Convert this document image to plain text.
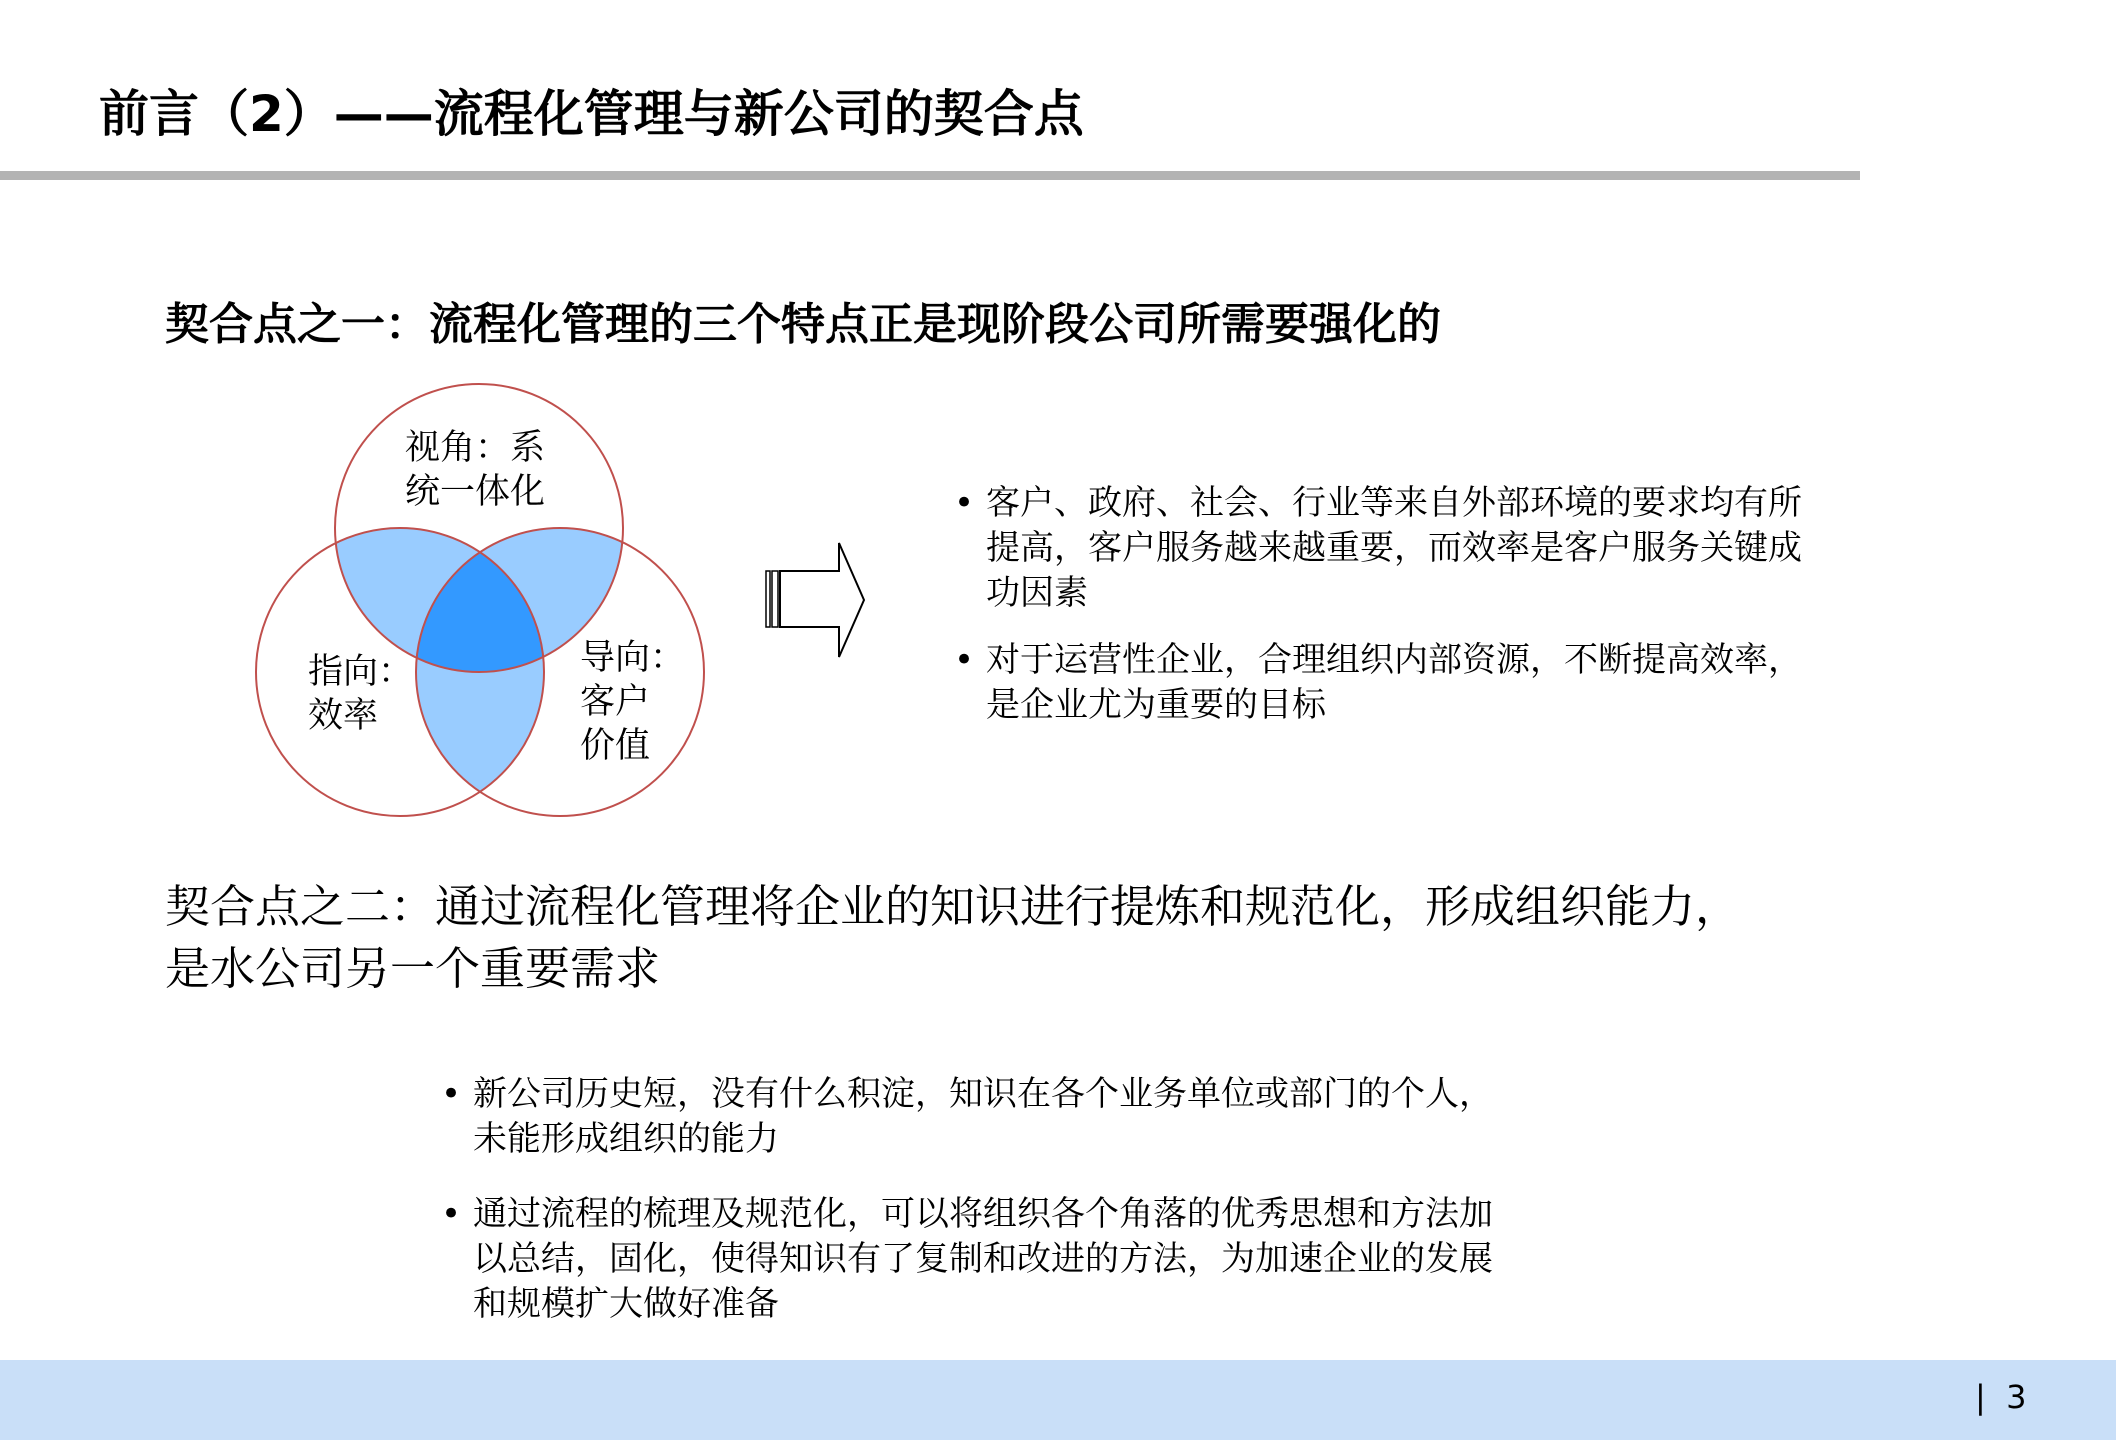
前言（2）——流程化管理与新公司的契合点
契合点之一：流程化管理的三个特点正是现阶段公司所需要强化的
视角：系
统一体化
指向：
效率
导向：
客户
价值
• 客户、政府、社会、行业等来自外部环境的要求均有所
提高，客户服务越来越重要，而效率是客户服务关键成
功因素
• 对于运营性企业，合理组织内部资源，不断提高效率，
是企业尤为重要的目标
契合点之二：通过流程化管理将企业的知识进行提炼和规范化，形成组织能力，
是水公司另一个重要需求
• 新公司历史短，没有什么积淀，知识在各个业务单位或部门的个人，
未能形成组织的能力
• 通过流程的梳理及规范化，可以将组织各个角落的优秀思想和方法加
以总结，固化，使得知识有了复制和改进的方法，为加速企业的发展
和规模扩大做好准备
| 3
